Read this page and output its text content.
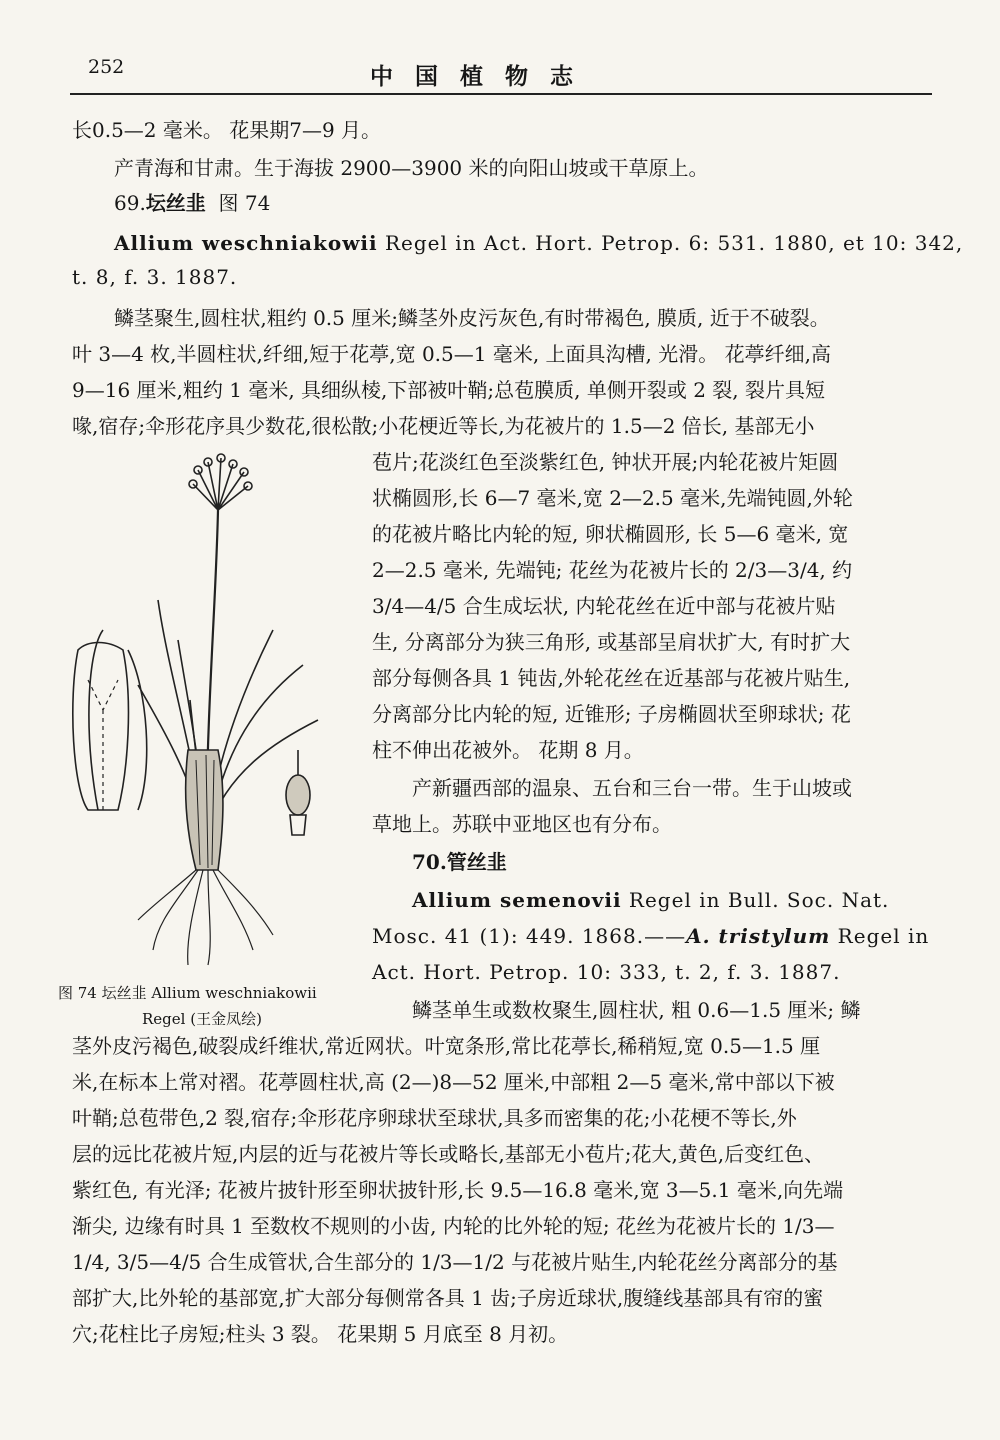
252	中国植物志
长0.5—2 毫米。 花果期7—9 月。
产青海和甘肃。生于海拔 2900—3900 米的向阳山坡或干草原上。
69.坛丝韭 图 74
Allium weschniakowii Regel in Act. Hort. Petrop. 6: 531. 1880, et 10: 342,
t. 8, f. 3. 1887.
鳞茎聚生,圆柱状,粗约 0.5 厘米;鳞茎外皮污灰色,有时带褐色, 膜质, 近于不破裂。
叶 3—4 枚,半圆柱状,纤细,短于花葶,宽 0.5—1 毫米, 上面具沟槽, 光滑。 花葶纤细,高
9—16 厘米,粗约 1 毫米, 具细纵棱,下部被叶鞘;总苞膜质, 单侧开裂或 2 裂, 裂片具短
喙,宿存;伞形花序具少数花,很松散;小花梗近等长,为花被片的 1.5—2 倍长, 基部无小
苞片;花淡红色至淡紫红色, 钟状开展;内轮花被片矩圆
状椭圆形,长 6—7 毫米,宽 2—2.5 毫米,先端钝圆,外轮
的花被片略比内轮的短, 卵状椭圆形, 长 5—6 毫米, 宽
2—2.5 毫米, 先端钝; 花丝为花被片长的 2/3—3/4, 约
3/4—4/5 合生成坛状, 内轮花丝在近中部与花被片贴
生, 分离部分为狭三角形, 或基部呈肩状扩大, 有时扩大
部分每侧各具 1 钝齿,外轮花丝在近基部与花被片贴生,
分离部分比内轮的短, 近锥形; 子房椭圆状至卵球状; 花
柱不伸出花被外。 花期 8 月。
产新疆西部的温泉、五台和三台一带。生于山坡或
草地上。苏联中亚地区也有分布。
70.管丝韭
Allium semenovii Regel in Bull. Soc. Nat.
Mosc. 41 (1): 449. 1868.——A. tristylum Regel in
Act. Hort. Petrop. 10: 333, t. 2, f. 3. 1887.
鳞茎单生或数枚聚生,圆柱状, 粗 0.6—1.5 厘米; 鳞
茎外皮污褐色,破裂成纤维状,常近网状。叶宽条形,常比花葶长,稀稍短,宽 0.5—1.5 厘
米,在标本上常对褶。花葶圆柱状,高 (2—)8—52 厘米,中部粗 2—5 毫米,常中部以下被
叶鞘;总苞带色,2 裂,宿存;伞形花序卵球状至球状,具多而密集的花;小花梗不等长,外
层的远比花被片短,内层的近与花被片等长或略长,基部无小苞片;花大,黄色,后变红色、
紫红色, 有光泽; 花被片披针形至卵状披针形,长 9.5—16.8 毫米,宽 3—5.1 毫米,向先端
渐尖, 边缘有时具 1 至数枚不规则的小齿, 内轮的比外轮的短; 花丝为花被片长的 1/3—
1/4, 3/5—4/5 合生成管状,合生部分的 1/3—1/2 与花被片贴生,内轮花丝分离部分的基
部扩大,比外轮的基部宽,扩大部分每侧常各具 1 齿;子房近球状,腹缝线基部具有帘的蜜
穴;花柱比子房短;柱头 3 裂。 花果期 5 月底至 8 月初。
图 74 坛丝韭 Allium weschniakowii
Regel (王金凤绘)
